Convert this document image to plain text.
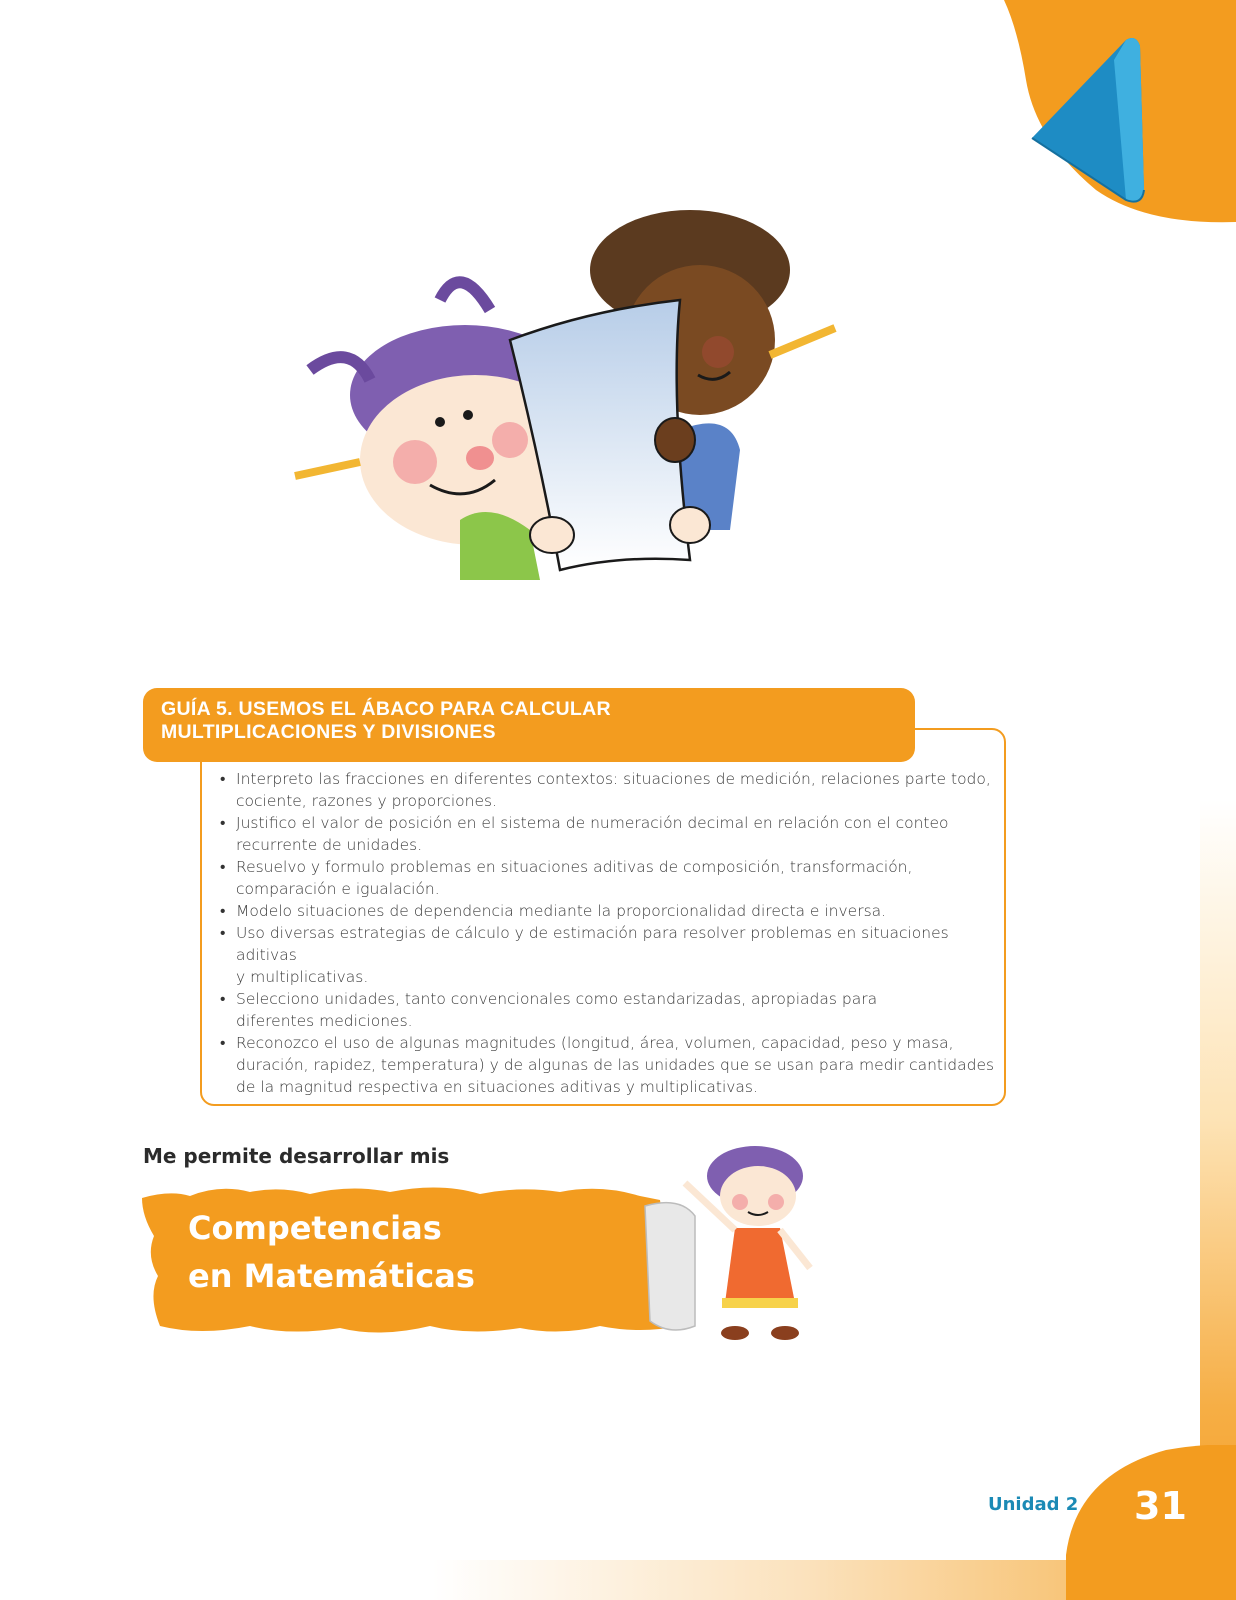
GUÍA 5. USEMOS EL ÁBACO PARA CALCULAR
MULTIPLICACIONES Y DIVISIONES

• Interpreto las fracciones en diferentes contextos: situaciones de medición, relaciones parte todo,
cociente, razones y proporciones.
• Justifico el valor de posición en el sistema de numeración decimal en relación con el conteo
recurrente de unidades.
• Resuelvo y formulo problemas en situaciones aditivas de composición, transformación,
comparación e igualación.
• Modelo situaciones de dependencia mediante la proporcionalidad directa e inversa.
• Uso diversas estrategias de cálculo y de estimación para resolver problemas en situaciones aditivas
y multiplicativas.
• Selecciono unidades, tanto convencionales como estandarizadas, apropiadas para
diferentes mediciones.
• Reconozco el uso de algunas magnitudes (longitud, área, volumen, capacidad, peso y masa,
duración, rapidez, temperatura) y de algunas de las unidades que se usan para medir cantidades
de la magnitud respectiva en situaciones aditivas y multiplicativas.

Me permite desarrollar mis

Competencias
en Matemáticas

Unidad 2 31
